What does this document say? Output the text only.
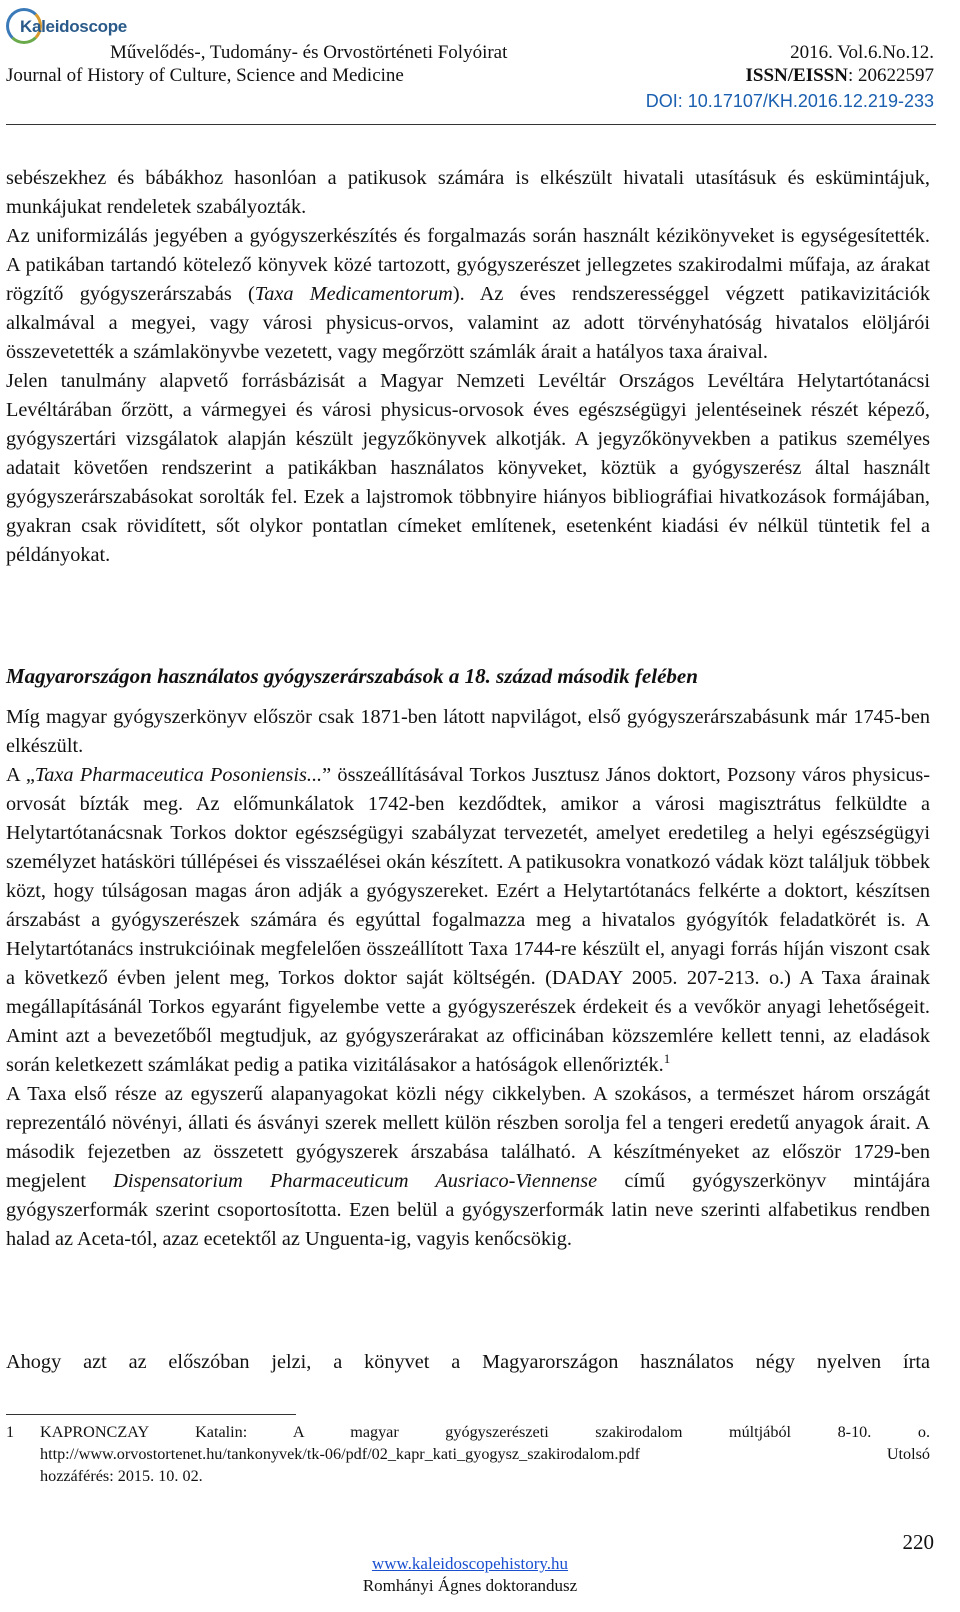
Kaleidoscope
Művelődés-, Tudomány- és Orvostörténeti Folyóirat
Journal of History of Culture, Science and Medicine
2016. Vol.6.No.12.
ISSN/EISSN: 20622597
DOI: 10.17107/KH.2016.12.219-233

sebészekhez és bábákhoz hasonlóan a patikusok számára is elkészült hivatali utasításuk és eskümintájuk, munkájukat rendeletek szabályozták.

Az uniformizálás jegyében a gyógyszerkészítés és forgalmazás során használt kézikönyveket is egységesítették. A patikában tartandó kötelező könyvek közé tartozott, gyógyszerészet jellegzetes szakirodalmi műfaja, az árakat rögzítő gyógyszerárszabás (Taxa Medicamentorum). Az éves rendszerességgel végzett patikavizitációk alkalmával a megyei, vagy városi physicus-orvos, valamint az adott törvényhatóság hivatalos elöljárói összevetették a számlakönyvbe vezetett, vagy megőrzött számlák árait a hatályos taxa áraival.

Jelen tanulmány alapvető forrásbázisát a Magyar Nemzeti Levéltár Országos Levéltára Helytartótanácsi Levéltárában őrzött, a vármegyei és városi physicus-orvosok éves egészségügyi jelentéseinek részét képező, gyógyszertári vizsgálatok alapján készült jegyzőkönyvek alkotják. A jegyzőkönyvekben a patikus személyes adatait követően rendszerint a patikákban használatos könyveket, köztük a gyógyszerész által használt gyógyszerárszabásokat sorolták fel. Ezek a lajstromok többnyire hiányos bibliográfiai hivatkozások formájában, gyakran csak rövidített, sőt olykor pontatlan címeket említenek, esetenként kiadási év nélkül tüntetik fel a példányokat.

Magyarországon használatos gyógyszerárszabások a 18. század második felében

Míg magyar gyógyszerkönyv először csak 1871-ben látott napvilágot, első gyógyszerárszabásunk már 1745-ben elkészült.

A „Taxa Pharmaceutica Posoniensis...” összeállításával Torkos Jusztusz János doktort, Pozsony város physicus-orvosát bízták meg. Az előmunkálatok 1742-ben kezdődtek, amikor a városi magisztrátus felküldte a Helytartótanácsnak Torkos doktor egészségügyi szabályzat tervezetét, amelyet eredetileg a helyi egészségügyi személyzet hatásköri túllépései és visszaélései okán készített. A patikusokra vonatkozó vádak közt találjuk többek közt, hogy túlságosan magas áron adják a gyógyszereket. Ezért a Helytartótanács felkérte a doktort, készítsen árszabást a gyógyszerészek számára és egyúttal fogalmazza meg a hivatalos gyógyítók feladatkörét is. A Helytartótanács instrukcióinak megfelelően összeállított Taxa 1744-re készült el, anyagi forrás híján viszont csak a következő évben jelent meg, Torkos doktor saját költségén. (DADAY 2005. 207-213. o.) A Taxa árainak megállapításánál Torkos egyaránt figyelembe vette a gyógyszerészek érdekeit és a vevőkör anyagi lehetőségeit. Amint azt a bevezetőből megtudjuk, az gyógyszerárakat az officinában közszemlére kellett tenni, az eladások során keletkezett számlákat pedig a patika vizitálásakor a hatóságok ellenőrizték.$^1$

A Taxa első része az egyszerű alapanyagokat közli négy cikkelyben. A szokásos, a természet három országát reprezentáló növényi, állati és ásványi szerek mellett külön részben sorolja fel a tengeri eredetű anyagok árait. A második fejezetben az összetett gyógyszerek árszabása található. A készítményeket az először 1729-ben megjelent Dispensatorium Pharmaceuticum Ausriaco-Viennense című gyógyszerkönyv mintájára gyógyszerformák szerint csoportosította. Ezen belül a gyógyszerformák latin neve szerinti alfabetikus rendben halad az Aceta-tól, azaz ecetektől az Unguenta-ig, vagyis kenőcsökig.

Ahogy azt az előszóban jelzi, a könyvet a Magyarországon használatos négy nyelven írta
1 KAPRONCZAY Katalin: A magyar gyógyszerészeti szakirodalom múltjából 8-10. o.
http://www.orvostortenet.hu/tankonyvek/tk-06/pdf/02_kapr_kati_gyogysz_szakirodalom.pdf Utolsó
hozzáférés: 2015. 10. 02.
220
www.kaleidoscopehistory.hu
Romhányi Ágnes doktorandusz
